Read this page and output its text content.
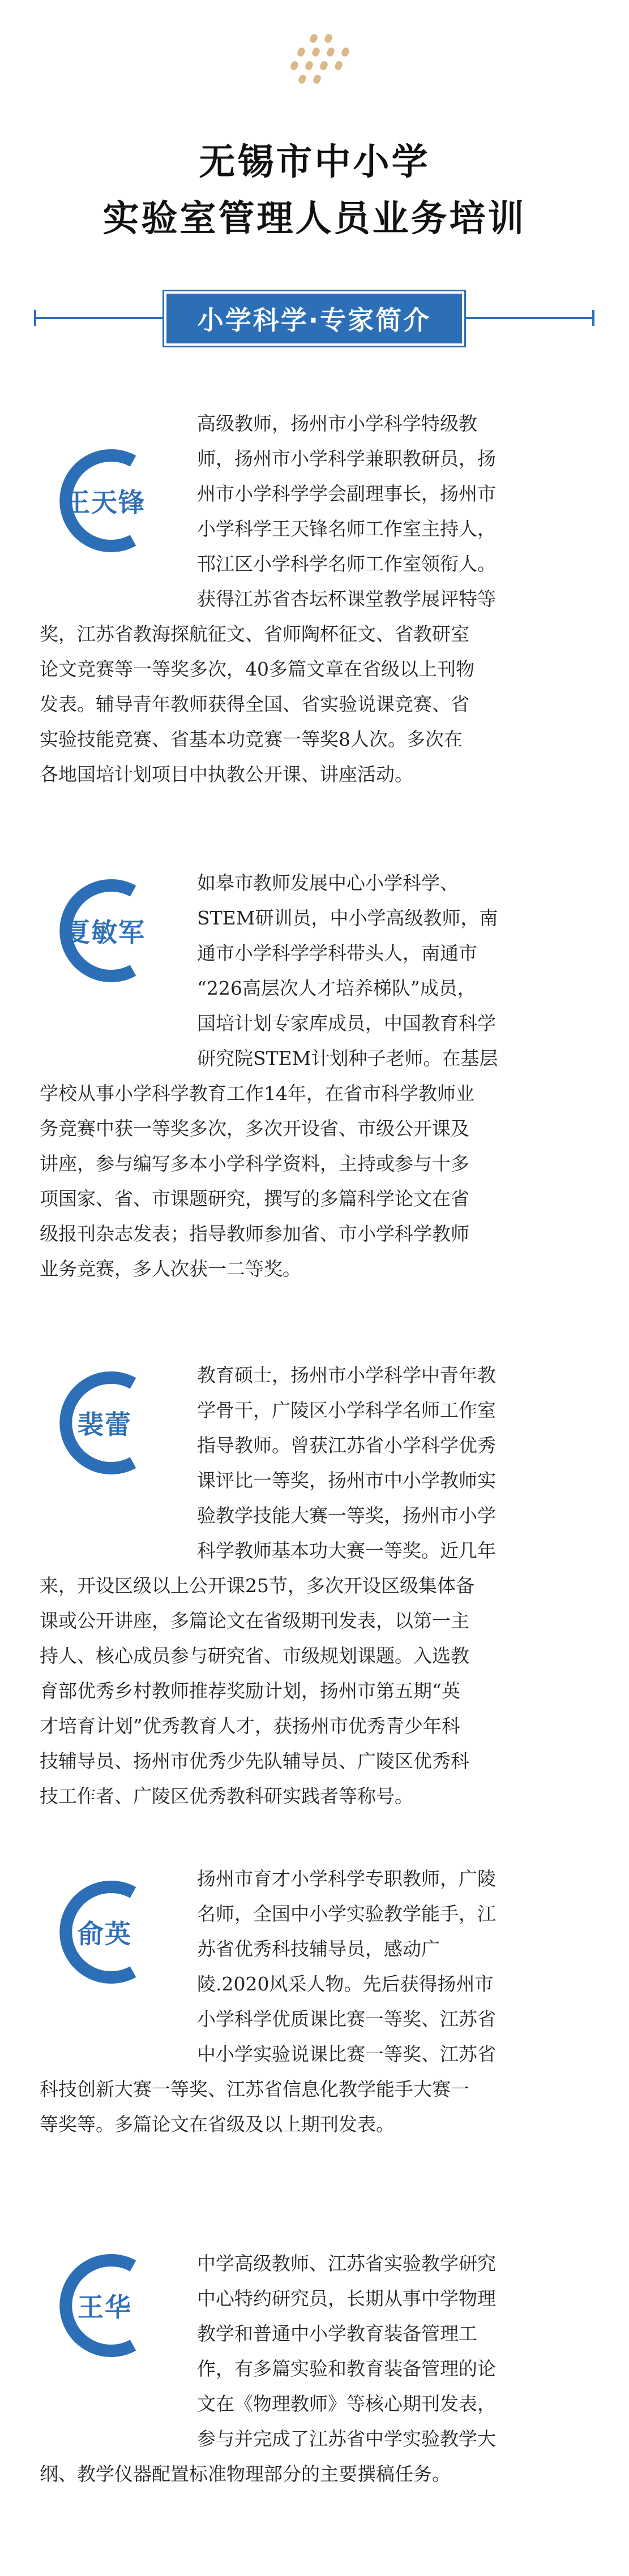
无锡市中小学
实验室管理人员业务培训
小学科学·专家简介
王天锋
高级教师，扬州市小学科学特级教
师，扬州市小学科学兼职教研员，扬
州市小学科学学会副理事长，扬州市
小学科学王天锋名师工作室主持人，
邗江区小学科学名师工作室领衔人。
获得江苏省杏坛杯课堂教学展评特等
奖，江苏省教海探航征文、省师陶杯征文、省教研室
论文竞赛等一等奖多次，40多篇文章在省级以上刊物
发表。辅导青年教师获得全国、省实验说课竞赛、省
实验技能竞赛、省基本功竞赛一等奖8人次。多次在
各地国培计划项目中执教公开课、讲座活动。
夏敏军
如皋市教师发展中心小学科学、
STEM研训员，中小学高级教师，南
通市小学科学学科带头人，南通市
“226高层次人才培养梯队”成员，
国培计划专家库成员，中国教育科学
研究院STEM计划种子老师。在基层
学校从事小学科学教育工作14年，在省市科学教师业
务竞赛中获一等奖多次，多次开设省、市级公开课及
讲座，参与编写多本小学科学资料，主持或参与十多
项国家、省、市课题研究，撰写的多篇科学论文在省
级报刊杂志发表；指导教师参加省、市小学科学教师
业务竞赛，多人次获一二等奖。
裴蕾
教育硕士，扬州市小学科学中青年教
学骨干，广陵区小学科学名师工作室
指导教师。曾获江苏省小学科学优秀
课评比一等奖，扬州市中小学教师实
验教学技能大赛一等奖，扬州市小学
科学教师基本功大赛一等奖。近几年
来，开设区级以上公开课25节，多次开设区级集体备
课或公开讲座，多篇论文在省级期刊发表，以第一主
持人、核心成员参与研究省、市级规划课题。入选教
育部优秀乡村教师推荐奖励计划，扬州市第五期“英
才培育计划”优秀教育人才，获扬州市优秀青少年科
技辅导员、扬州市优秀少先队辅导员、广陵区优秀科
技工作者、广陵区优秀教科研实践者等称号。
俞英
扬州市育才小学科学专职教师，广陵
名师，全国中小学实验教学能手，江
苏省优秀科技辅导员，感动广
陵.2020风采人物。先后获得扬州市
小学科学优质课比赛一等奖、江苏省
中小学实验说课比赛一等奖、江苏省
科技创新大赛一等奖、江苏省信息化教学能手大赛一
等奖等。多篇论文在省级及以上期刊发表。
王华
中学高级教师、江苏省实验教学研究
中心特约研究员，长期从事中学物理
教学和普通中小学教育装备管理工
作，有多篇实验和教育装备管理的论
文在《物理教师》等核心期刊发表，
参与并完成了江苏省中学实验教学大
纲、教学仪器配置标准物理部分的主要撰稿任务。
